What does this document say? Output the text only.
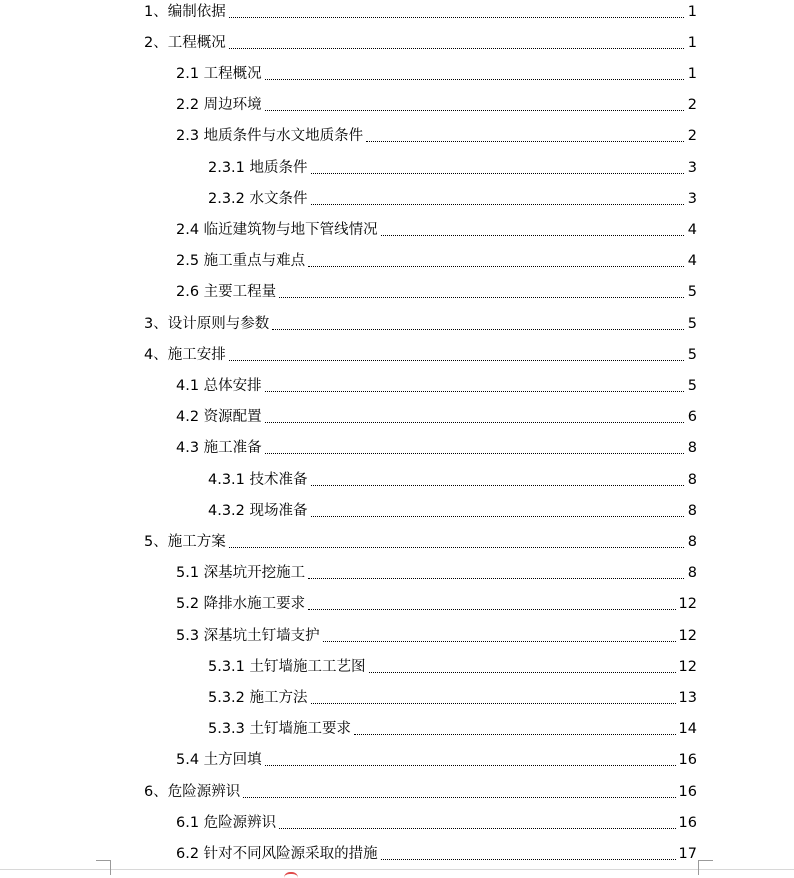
1、编制依据	1
2、工程概况	1
2.1 工程概况	1
2.2 周边环境	2
2.3 地质条件与水文地质条件	2
2.3.1 地质条件	3
2.3.2 水文条件	3
2.4 临近建筑物与地下管线情况	4
2.5 施工重点与难点	4
2.6 主要工程量	5
3、设计原则与参数	5
4、施工安排	5
4.1 总体安排	5
4.2 资源配置	6
4.3 施工准备	8
4.3.1 技术准备	8
4.3.2 现场准备	8
5、施工方案	8
5.1 深基坑开挖施工	8
5.2 降排水施工要求	12
5.3 深基坑土钉墙支护	12
5.3.1 土钉墙施工工艺图	12
5.3.2 施工方法	13
5.3.3 土钉墙施工要求	14
5.4 土方回填	16
6、危险源辨识	16
6.1 危险源辨识	16
6.2 针对不同风险源采取的措施	17
